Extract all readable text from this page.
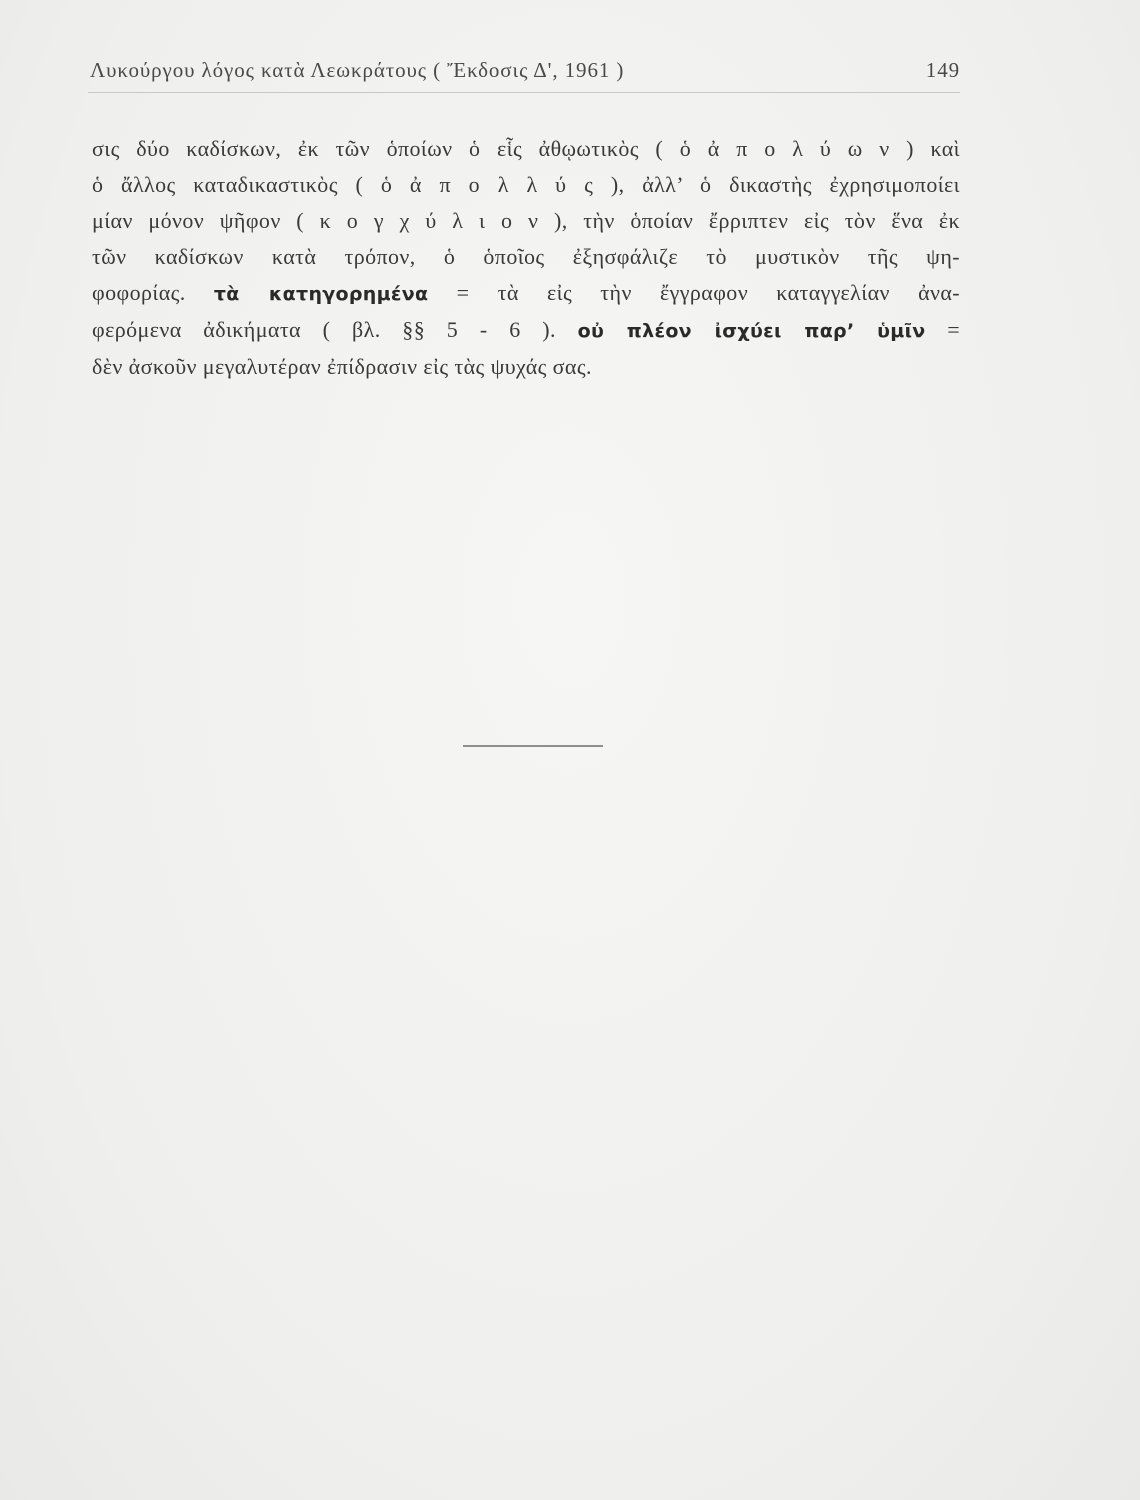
Λυκούργου λόγος κατὰ Λεωκράτους ( Ἔκδοσις Δ', 1961 )	149
σις δύο καδίσκων, ἐκ τῶν ὁποίων ὁ εἷς ἀθῳωτικὸς ( ὁ ἀ π ο λ ύ ω ν ) καὶ
ὁ ἄλλος καταδικαστικὸς ( ὁ ἀ π ο λ λ ύ ς ), ἀλλ’ ὁ δικαστὴς ἐχρησιμοποίει
μίαν μόνον ψῆφον ( κ ο γ χ ύ λ ι ο ν ), τὴν ὁποίαν ἔρριπτεν εἰς τὸν ἕνα ἐκ
τῶν καδίσκων κατὰ τρόπον, ὁ ὁποῖος ἐξησφάλιζε τὸ μυστικὸν τῆς ψη-
φοφορίας. τὰ κατηγορημένα = τὰ εἰς τὴν ἔγγραφον καταγγελίαν ἀνα-
φερόμενα ἀδικήματα ( βλ. §§ 5 - 6 ). οὐ πλέον ἰσχύει παρ’ ὑμῖν =
δὲν ἀσκοῦν μεγαλυτέραν ἐπίδρασιν εἰς τὰς ψυχάς σας.
